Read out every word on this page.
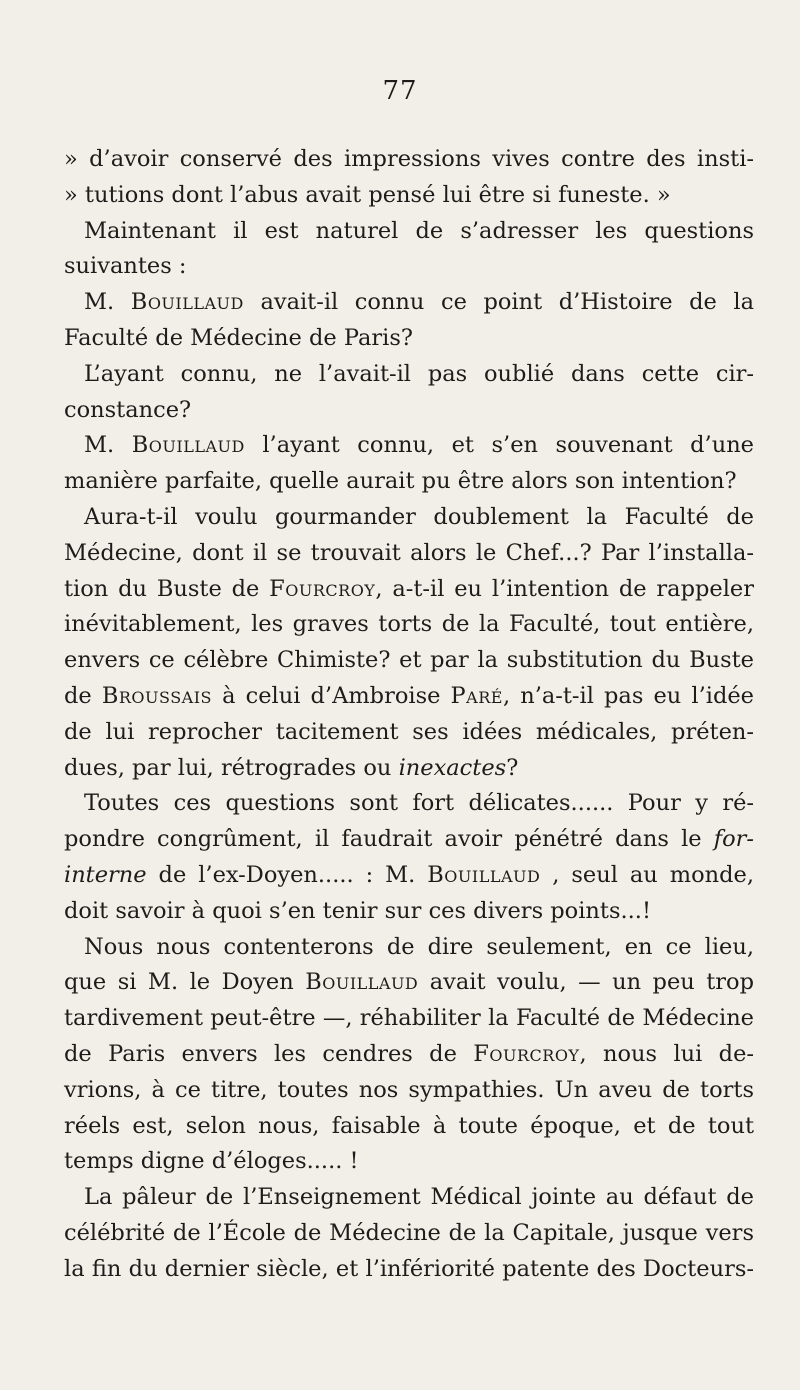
77
» d’avoir conservé des impressions vives contre des insti-
» tutions dont l’abus avait pensé lui être si funeste. »
Maintenant il est naturel de s’adresser les questions
suivantes :
M. Bouillaud avait-il connu ce point d’Histoire de la
Faculté de Médecine de Paris?
L’ayant connu, ne l’avait-il pas oublié dans cette cir-
constance?
M. Bouillaud l’ayant connu, et s’en souvenant d’une
manière parfaite, quelle aurait pu être alors son intention?
Aura-t-il voulu gourmander doublement la Faculté de
Médecine, dont il se trouvait alors le Chef...? Par l’installa-
tion du Buste de Fourcroy, a-t-il eu l’intention de rappeler
inévitablement, les graves torts de la Faculté, tout entière,
envers ce célèbre Chimiste? et par la substitution du Buste
de Broussais à celui d’Ambroise Paré, n’a-t-il pas eu l’idée
de lui reprocher tacitement ses idées médicales, préten-
dues, par lui, rétrogrades ou inexactes?
Toutes ces questions sont fort délicates...... Pour y ré-
pondre congrûment, il faudrait avoir pénétré dans le for-
interne de l’ex-Doyen..... : M. Bouillaud , seul au monde,
doit savoir à quoi s’en tenir sur ces divers points...!
Nous nous contenterons de dire seulement, en ce lieu,
que si M. le Doyen Bouillaud avait voulu, — un peu trop
tardivement peut-être —, réhabiliter la Faculté de Médecine
de Paris envers les cendres de Fourcroy, nous lui de-
vrions, à ce titre, toutes nos sympathies. Un aveu de torts
réels est, selon nous, faisable à toute époque, et de tout
temps digne d’éloges..... !
La pâleur de l’Enseignement Médical jointe au défaut de
célébrité de l’École de Médecine de la Capitale, jusque vers
la fin du dernier siècle, et l’infériorité patente des Docteurs-
